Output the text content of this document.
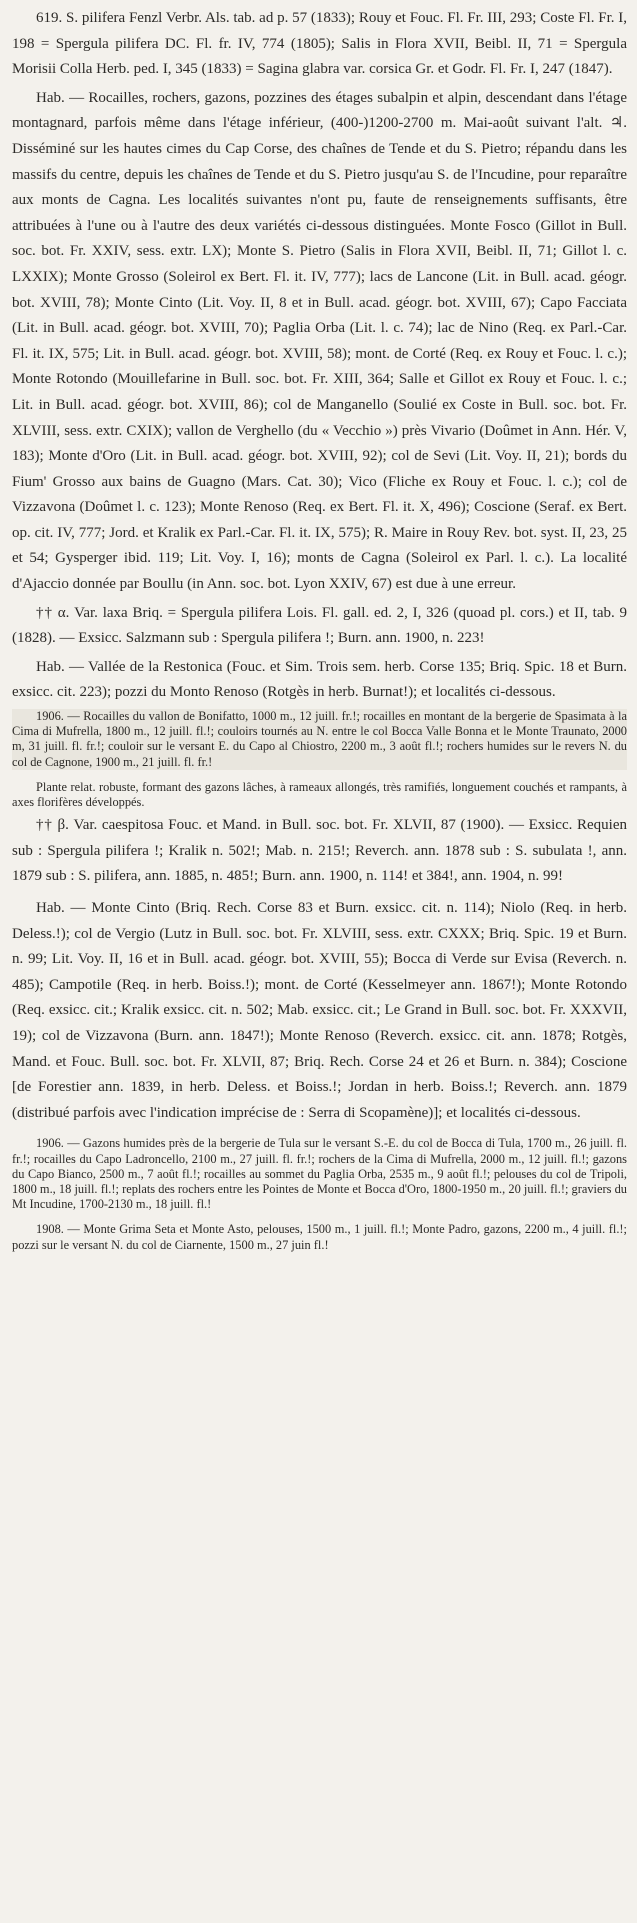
619. S. pilifera Fenzl Verbr. Als. tab. ad p. 57 (1833); Rouy et Fouc. Fl. Fr. III, 293; Coste Fl. Fr. I, 198 = Spergula pilifera DC. Fl. fr. IV, 774 (1805); Salis in Flora XVII, Beibl. II, 71 = Spergula Morisii Colla Herb. ped. I, 345 (1833) = Sagina glabra var. corsica Gr. et Godr. Fl. Fr. I, 247 (1847).

Hab. — Rocailles, rochers, gazons, pozzines des étages subalpin et alpin, descendant dans l'étage montagnard, parfois même dans l'étage inférieur, (400-)1200-2700 m. Mai-août suivant l'alt. ♃. Disséminé sur les hautes cimes du Cap Corse, des chaînes de Tende et du S. Pietro; répandu dans les massifs du centre, depuis les chaînes de Tende et du S. Pietro jusqu'au S. de l'Incudine, pour reparaître aux monts de Cagna. Les localités suivantes n'ont pu, faute de renseignements suffisants, être attribuées à l'une ou à l'autre des deux variétés ci-dessous distinguées. Monte Fosco (Gillot in Bull. soc. bot. Fr. XXIV, sess. extr. LX); Monte S. Pietro (Salis in Flora XVII, Beibl. II, 71; Gillot l. c. LXXIX); Monte Grosso (Soleirol ex Bert. Fl. it. IV, 777); lacs de Lancone (Lit. in Bull. acad. géogr. bot. XVIII, 78); Monte Cinto (Lit. Voy. II, 8 et in Bull. acad. géogr. bot. XVIII, 67); Capo Facciata (Lit. in Bull. acad. géogr. bot. XVIII, 70); Paglia Orba (Lit. l. c. 74); lac de Nino (Req. ex Parl.-Car. Fl. it. IX, 575; Lit. in Bull. acad. géogr. bot. XVIII, 58); mont. de Corté (Req. ex Rouy et Fouc. l. c.); Monte Rotondo (Mouillefarine in Bull. soc. bot. Fr. XIII, 364; Salle et Gillot ex Rouy et Fouc. l. c.; Lit. in Bull. acad. géogr. bot. XVIII, 86); col de Manganello (Soulié ex Coste in Bull. soc. bot. Fr. XLVIII, sess. extr. CXIX); vallon de Verghello (du « Vecchio ») près Vivario (Doûmet in Ann. Hér. V, 183); Monte d'Oro (Lit. in Bull. acad. géogr. bot. XVIII, 92); col de Sevi (Lit. Voy. II, 21); bords du Fium' Grosso aux bains de Guagno (Mars. Cat. 30); Vico (Fliche ex Rouy et Fouc. l. c.); col de Vizzavona (Doûmet l. c. 123); Monte Renoso (Req. ex Bert. Fl. it. X, 496); Coscione (Seraf. ex Bert. op. cit. IV, 777; Jord. et Kralik ex Parl.-Car. Fl. it. IX, 575); R. Maire in Rouy Rev. bot. syst. II, 23, 25 et 54; Gysperger ibid. 119; Lit. Voy. I, 16); monts de Cagna (Soleirol ex Parl. l. c.). La localité d'Ajaccio donnée par Boullu (in Ann. soc. bot. Lyon XXIV, 67) est due à une erreur.

†† α. Var. laxa Briq. = Spergula pilifera Lois. Fl. gall. ed. 2, I, 326 (quoad pl. cors.) et II, tab. 9 (1828). — Exsicc. Salzmann sub : Spergula pilifera !; Burn. ann. 1900, n. 223!

Hab. — Vallée de la Restonica (Fouc. et Sim. Trois sem. herb. Corse 135; Briq. Spic. 18 et Burn. exsicc. cit. 223); pozzi du Monto Renoso (Rotgès in herb. Burnat!); et localités ci-dessous.

1906. — Rocailles du vallon de Bonifatto, 1000 m., 12 juill. fr.!; rocailles en montant de la bergerie de Spasimata à la Cima di Mufrella, 1800 m., 12 juill. fl.!; couloirs tournés au N. entre le col Bocca Valle Bonna et le Monte Traunato, 2000 m, 31 juill. fl. fr.!; couloir sur le versant E. du Capo al Chiostro, 2200 m., 3 août fl.!; rochers humides sur le revers N. du col de Cagnone, 1900 m., 21 juill. fl. fr.!

Plante relat. robuste, formant des gazons lâches, à rameaux allongés, très ramifiés, longuement couchés et rampants, à axes florifères développés.

†† β. Var. caespitosa Fouc. et Mand. in Bull. soc. bot. Fr. XLVII, 87 (1900). — Exsicc. Requien sub : Spergula pilifera !; Kralik n. 502!; Mab. n. 215!; Reverch. ann. 1878 sub : S. subulata !, ann. 1879 sub : S. pilifera, ann. 1885, n. 485!; Burn. ann. 1900, n. 114! et 384!, ann. 1904, n. 99!

Hab. — Monte Cinto (Briq. Rech. Corse 83 et Burn. exsicc. cit. n. 114); Niolo (Req. in herb. Deless.!); col de Vergio (Lutz in Bull. soc. bot. Fr. XLVIII, sess. extr. CXXX; Briq. Spic. 19 et Burn. n. 99; Lit. Voy. II, 16 et in Bull. acad. géogr. bot. XVIII, 55); Bocca di Verde sur Evisa (Reverch. n. 485); Campotile (Req. in herb. Boiss.!); mont. de Corté (Kesselmeyer ann. 1867!); Monte Rotondo (Req. exsicc. cit.; Kralik exsicc. cit. n. 502; Mab. exsicc. cit.; Le Grand in Bull. soc. bot. Fr. XXXVII, 19); col de Vizzavona (Burn. ann. 1847!); Monte Renoso (Reverch. exsicc. cit. ann. 1878; Rotgès, Mand. et Fouc. Bull. soc. bot. Fr. XLVII, 87; Briq. Rech. Corse 24 et 26 et Burn. n. 384); Coscione [de Forestier ann. 1839, in herb. Deless. et Boiss.!; Jordan in herb. Boiss.!; Reverch. ann. 1879 (distribué parfois avec l'indication imprécise de : Serra di Scopamène)]; et localités ci-dessous.

1906. — Gazons humides près de la bergerie de Tula sur le versant S.-E. du col de Bocca di Tula, 1700 m., 26 juill. fl. fr.!; rocailles du Capo Ladroncello, 2100 m., 27 juill. fl. fr.!; rochers de la Cima di Mufrella, 2000 m., 12 juill. fl.!; gazons du Capo Bianco, 2500 m., 7 août fl.!; rocailles au sommet du Paglia Orba, 2535 m., 9 août fl.!; pelouses du col de Tripoli, 1800 m., 18 juill. fl.!; replats des rochers entre les Pointes de Monte et Bocca d'Oro, 1800-1950 m., 20 juill. fl.!; graviers du Mt Incudine, 1700-2130 m., 18 juill. fl.!

1908. — Monte Grima Seta et Monte Asto, pelouses, 1500 m., 1 juill. fl.!; Monte Padro, gazons, 2200 m., 4 juill. fl.!; pozzi sur le versant N. du col de Ciarnente, 1500 m., 27 juin fl.!
